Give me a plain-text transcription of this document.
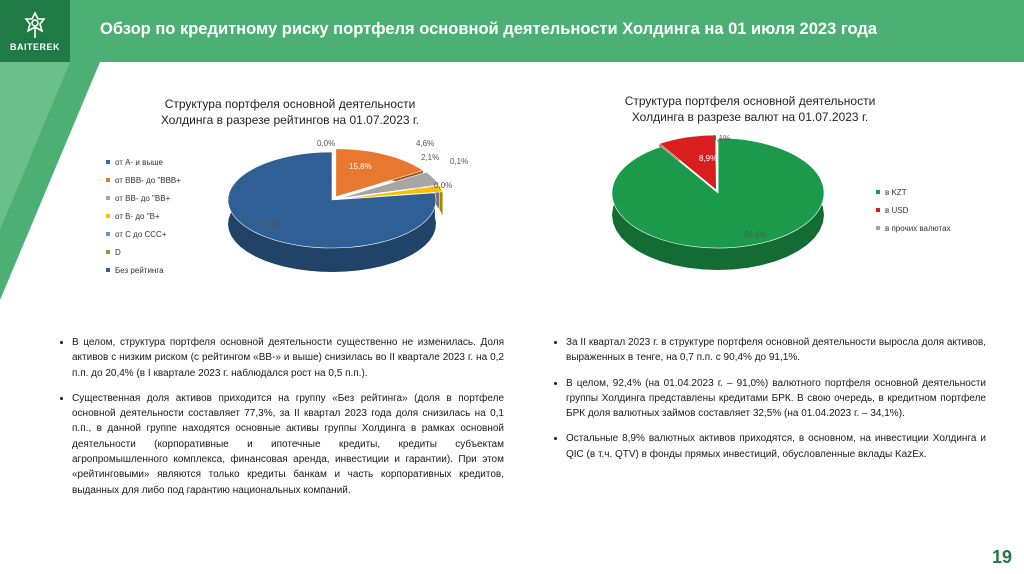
BAITEREK
Обзор по кредитному риску портфеля основной деятельности Холдинга на 01 июля 2023 года
Структура портфеля основной деятельности
Холдинга в разрезе рейтингов на 01.07.2023 г.
от А- и выше
от ВВВ- до "ВВВ+
от ВВ- до "ВВ+
от В- до "В+
от С до ССС+
D
Без рейтинга
0,0%
15,8%
4,6%
2,1% 0,1%
0,0%
77,3%
Структура портфеля основной деятельности
Холдинга в разрезе валют на 01.07.2023 г.
0,1%
8,9%
91,1%
в KZT
в USD
в прочих валютах
• В целом, структура портфеля основной деятельности существенно не изменилась. Доля активов с низким риском (с рейтингом «ВВ-» и выше) снизилась во II квартале 2023 г. на 0,2 п.п. до 20,4% (в I квартале 2023 г. наблюдался рост на 0,5 п.п.).
• Существенная доля активов приходится на группу «Без рейтинга» (доля в портфеле основной деятельности составляет 77,3%, за II квартал 2023 года доля снизилась на 0,1 п.п., в данной группе находятся основные активы группы Холдинга в рамках основной деятельности (корпоративные и ипотечные кредиты, кредиты субъектам агропромышленного комплекса, финансовая аренда, инвестиции и гарантии). При этом «рейтинговыми» являются только кредиты банкам и часть корпоративных кредитов, выданных для либо под гарантию национальных компаний.
• За II квартал 2023 г. в структуре портфеля основной деятельности выросла доля активов, выраженных в тенге, на 0,7 п.п. с 90,4% до 91,1%.
• В целом, 92,4% (на 01.04.2023 г. – 91,0%) валютного портфеля основной деятельности группы Холдинга представлены кредитами БРК. В свою очередь, в кредитном портфеле БРК доля валютных займов составляет 32,5% (на 01.04.2023 г. – 34,1%).
• Остальные 8,9% валютных активов приходятся, в основном, на инвестиции Холдинга и QIC (в т.ч. QTV) в фонды прямых инвестиций, обусловленные вклады KazEx.
19
